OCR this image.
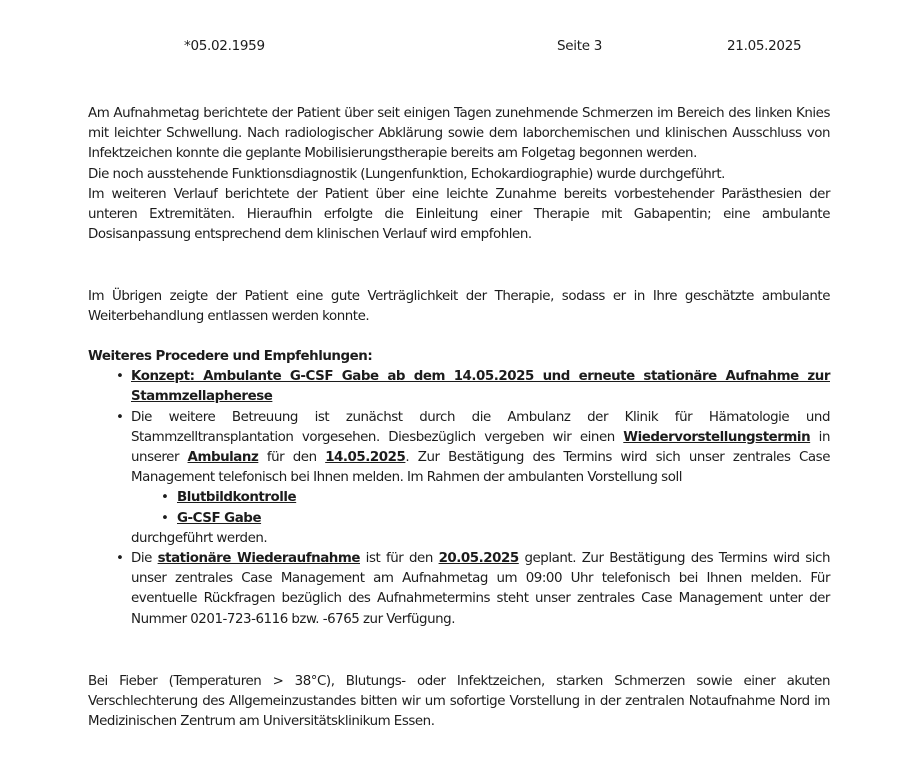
*05.02.1959	Seite 3	21.05.2025

Am Aufnahmetag berichtete der Patient über seit einigen Tagen zunehmende Schmerzen im Bereich des linken Knies mit leichter Schwellung. Nach radiologischer Abklärung sowie dem laborchemischen und klinischen Ausschluss von Infektzeichen konnte die geplante Mobilisierungstherapie bereits am Folgetag begonnen werden.

Die noch ausstehende Funktionsdiagnostik (Lungenfunktion, Echokardiographie) wurde durchgeführt.

Im weiteren Verlauf berichtete der Patient über eine leichte Zunahme bereits vorbestehender Parästhesien der unteren Extremitäten. Hieraufhin erfolgte die Einleitung einer Therapie mit Gabapentin; eine ambulante Dosisanpassung entsprechend dem klinischen Verlauf wird empfohlen.

Im Übrigen zeigte der Patient eine gute Verträglichkeit der Therapie, sodass er in Ihre geschätzte ambulante Weiterbehandlung entlassen werden konnte.

Weiteres Procedere und Empfehlungen:

• Konzept: Ambulante G-CSF Gabe ab dem 14.05.2025 und erneute stationäre Aufnahme zur Stammzellapherese
• Die weitere Betreuung ist zunächst durch die Ambulanz der Klinik für Hämatologie und Stammzelltransplantation vorgesehen. Diesbezüglich vergeben wir einen Wiedervorstellungstermin in unserer Ambulanz für den 14.05.2025. Zur Bestätigung des Termins wird sich unser zentrales Case Management telefonisch bei Ihnen melden. Im Rahmen der ambulanten Vorstellung soll
• Blutbildkontrolle
• G-CSF Gabe
durchgeführt werden.
• Die stationäre Wiederaufnahme ist für den 20.05.2025 geplant. Zur Bestätigung des Termins wird sich unser zentrales Case Management am Aufnahmetag um 09:00 Uhr telefonisch bei Ihnen melden. Für eventuelle Rückfragen bezüglich des Aufnahmetermins steht unser zentrales Case Management unter der Nummer 0201-723-6116 bzw. -6765 zur Verfügung.

Bei Fieber (Temperaturen > 38°C), Blutungs- oder Infektzeichen, starken Schmerzen sowie einer akuten Verschlechterung des Allgemeinzustandes bitten wir um sofortige Vorstellung in der zentralen Notaufnahme Nord im Medizinischen Zentrum am Universitätsklinikum Essen.
